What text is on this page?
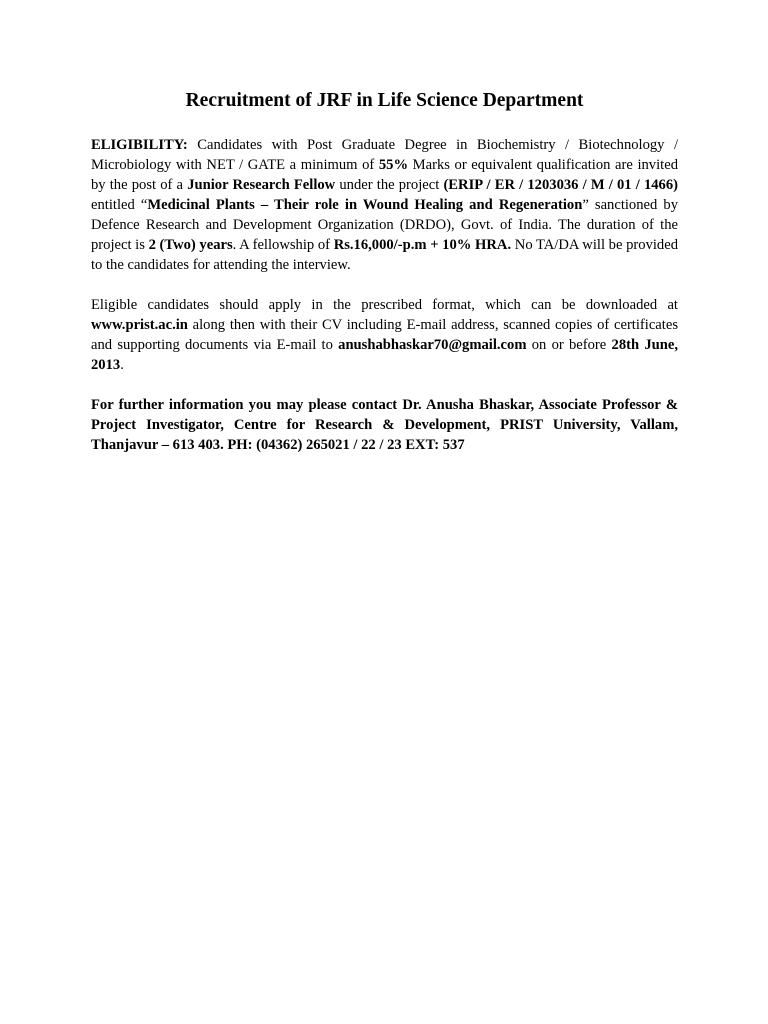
Recruitment of JRF in Life Science Department

ELIGIBILITY: Candidates with Post Graduate Degree in Biochemistry / Biotechnology / Microbiology with NET / GATE a minimum of 55% Marks or equivalent qualification are invited by the post of a Junior Research Fellow under the project (ERIP / ER / 1203036 / M / 01 / 1466) entitled “Medicinal Plants – Their role in Wound Healing and Regeneration” sanctioned by Defence Research and Development Organization (DRDO), Govt. of India. The duration of the project is 2 (Two) years. A fellowship of Rs.16,000/-p.m + 10% HRA. No TA/DA will be provided to the candidates for attending the interview.

Eligible candidates should apply in the prescribed format, which can be downloaded at www.prist.ac.in along then with their CV including E-mail address, scanned copies of certificates and supporting documents via E-mail to anushabhaskar70@gmail.com on or before 28th June, 2013.

For further information you may please contact Dr. Anusha Bhaskar, Associate Professor & Project Investigator, Centre for Research & Development, PRIST University, Vallam, Thanjavur – 613 403. PH: (04362) 265021 / 22 / 23 EXT: 537
